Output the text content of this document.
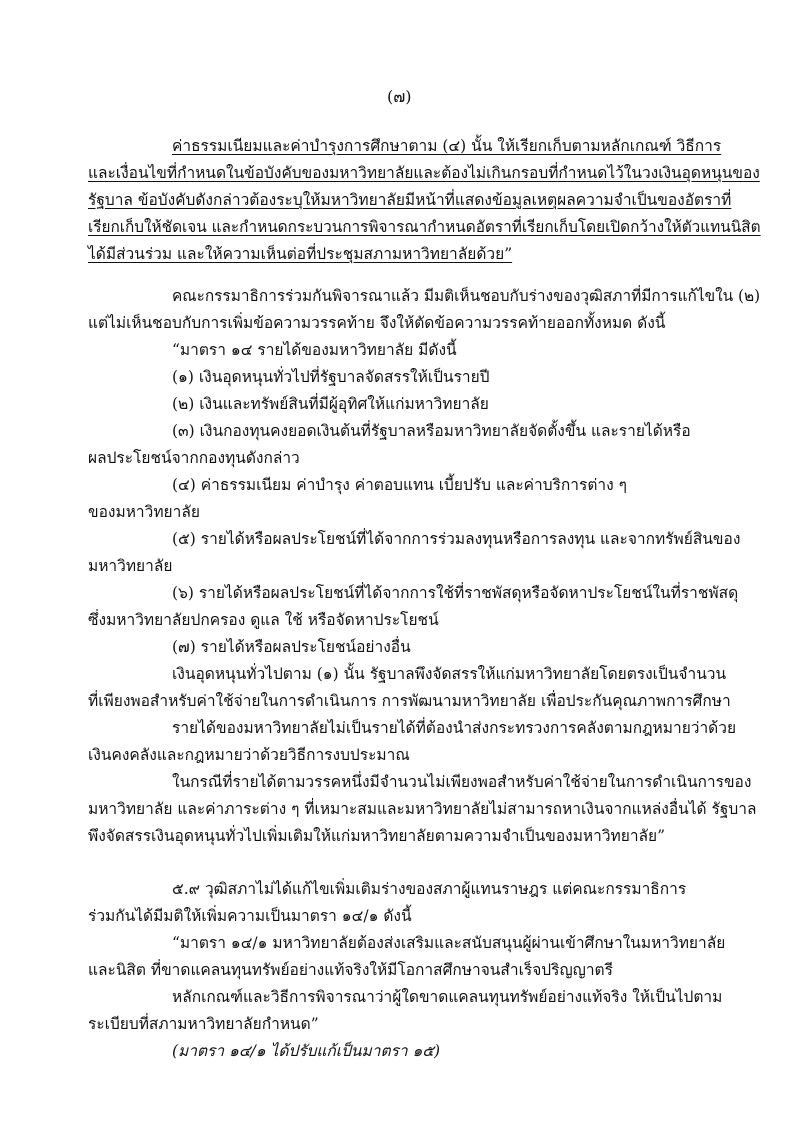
(๗)
ค่าธรรมเนียมและค่าบำรุงการศึกษาตาม (๔) นั้น ให้เรียกเก็บตามหลักเกณฑ์ วิธีการ
และเงื่อนไขที่กำหนดในข้อบังคับของมหาวิทยาลัยและต้องไม่เกินกรอบที่กำหนดไว้ในวงเงินอุดหนุนของ
รัฐบาล ข้อบังคับดังกล่าวต้องระบุให้มหาวิทยาลัยมีหน้าที่แสดงข้อมูลเหตุผลความจำเป็นของอัตราที่
เรียกเก็บให้ชัดเจน และกำหนดกระบวนการพิจารณากำหนดอัตราที่เรียกเก็บโดยเปิดกว้างให้ตัวแทนนิสิต
ได้มีส่วนร่วม และให้ความเห็นต่อที่ประชุมสภามหาวิทยาลัยด้วย”
คณะกรรมาธิการร่วมกันพิจารณาแล้ว มีมติเห็นชอบกับร่างของวุฒิสภาที่มีการแก้ไขใน (๒)
แต่ไม่เห็นชอบกับการเพิ่มข้อความวรรคท้าย จึงให้ตัดข้อความวรรคท้ายออกทั้งหมด ดังนี้
“มาตรา ๑๔ รายได้ของมหาวิทยาลัย มีดังนี้
(๑) เงินอุดหนุนทั่วไปที่รัฐบาลจัดสรรให้เป็นรายปี
(๒) เงินและทรัพย์สินที่มีผู้อุทิศให้แก่มหาวิทยาลัย
(๓) เงินกองทุนคงยอดเงินต้นที่รัฐบาลหรือมหาวิทยาลัยจัดตั้งขึ้น และรายได้หรือ
ผลประโยชน์จากกองทุนดังกล่าว
(๔) ค่าธรรมเนียม ค่าบำรุง ค่าตอบแทน เบี้ยปรับ และค่าบริการต่าง ๆ
ของมหาวิทยาลัย
(๕) รายได้หรือผลประโยชน์ที่ได้จากการร่วมลงทุนหรือการลงทุน และจากทรัพย์สินของ
มหาวิทยาลัย
(๖) รายได้หรือผลประโยชน์ที่ได้จากการใช้ที่ราชพัสดุหรือจัดหาประโยชน์ในที่ราชพัสดุ
ซึ่งมหาวิทยาลัยปกครอง ดูแล ใช้ หรือจัดหาประโยชน์
(๗) รายได้หรือผลประโยชน์อย่างอื่น
เงินอุดหนุนทั่วไปตาม (๑) นั้น รัฐบาลพึงจัดสรรให้แก่มหาวิทยาลัยโดยตรงเป็นจำนวน
ที่เพียงพอสำหรับค่าใช้จ่ายในการดำเนินการ การพัฒนามหาวิทยาลัย เพื่อประกันคุณภาพการศึกษา
รายได้ของมหาวิทยาลัยไม่เป็นรายได้ที่ต้องนำส่งกระทรวงการคลังตามกฎหมายว่าด้วย
เงินคงคลังและกฎหมายว่าด้วยวิธีการงบประมาณ
ในกรณีที่รายได้ตามวรรคหนึ่งมีจำนวนไม่เพียงพอสำหรับค่าใช้จ่ายในการดำเนินการของ
มหาวิทยาลัย และค่าภาระต่าง ๆ ที่เหมาะสมและมหาวิทยาลัยไม่สามารถหาเงินจากแหล่งอื่นได้ รัฐบาล
พึงจัดสรรเงินอุดหนุนทั่วไปเพิ่มเติมให้แก่มหาวิทยาลัยตามความจำเป็นของมหาวิทยาลัย”
๕.๙ วุฒิสภาไม่ได้แก้ไขเพิ่มเติมร่างของสภาผู้แทนราษฎร แต่คณะกรรมาธิการ
ร่วมกันได้มีมติให้เพิ่มความเป็นมาตรา ๑๔/๑ ดังนี้
“มาตรา ๑๔/๑ มหาวิทยาลัยต้องส่งเสริมและสนับสนุนผู้ผ่านเข้าศึกษาในมหาวิทยาลัย
และนิสิต ที่ขาดแคลนทุนทรัพย์อย่างแท้จริงให้มีโอกาสศึกษาจนสำเร็จปริญญาตรี
หลักเกณฑ์และวิธีการพิจารณาว่าผู้ใดขาดแคลนทุนทรัพย์อย่างแท้จริง ให้เป็นไปตาม
ระเบียบที่สภามหาวิทยาลัยกำหนด”
(มาตรา ๑๔/๑ ได้ปรับแก้เป็นมาตรา ๑๕)
